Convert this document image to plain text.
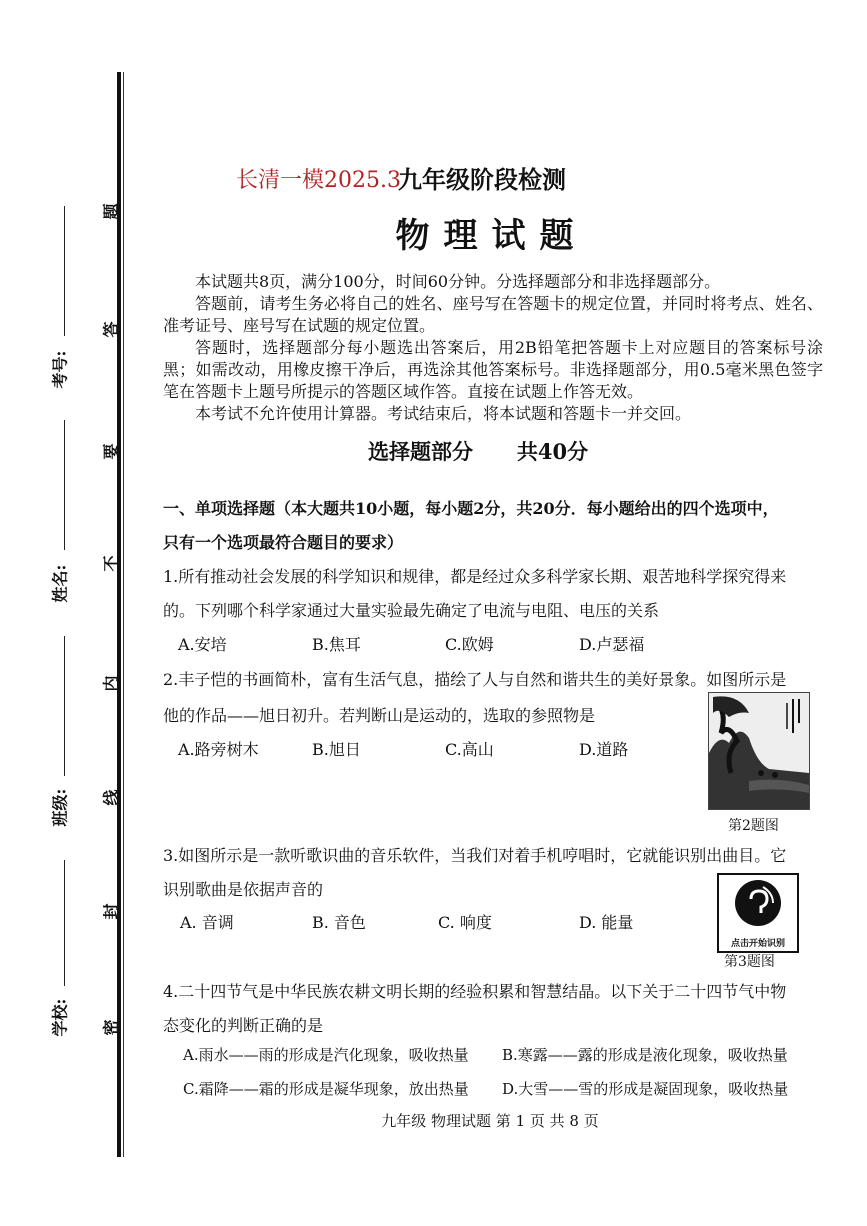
考号:
姓名:
班级:
学校:
题
答
要
不
内
线
封
密
长清一模2025.3
九年级阶段检测
物理试题
本试题共8页，满分100分，时间60分钟。分选择题部分和非选择题部分。
答题前，请考生务必将自己的姓名、座号写在答题卡的规定位置，并同时将考点、姓名、准考证号、座号写在试题的规定位置。
答题时，选择题部分每小题选出答案后，用2B铅笔把答题卡上对应题目的答案标号涂黑；如需改动，用橡皮擦干净后，再选涂其他答案标号。非选择题部分，用0.5毫米黑色签字笔在答题卡上题号所提示的答题区域作答。直接在试题上作答无效。
本考试不允许使用计算器。考试结束后，将本试题和答题卡一并交回。
选择题部分      共40分
一、单项选择题（本大题共10小题，每小题2分，共20分．每小题给出的四个选项中，
只有一个选项最符合题目的要求）
1.所有推动社会发展的科学知识和规律，都是经过众多科学家长期、艰苦地科学探究得来
的。下列哪个科学家通过大量实验最先确定了电流与电阻、电压的关系
A.安培	B.焦耳	C.欧姆	D.卢瑟福
2.丰子恺的书画简朴，富有生活气息，描绘了人与自然和谐共生的美好景象。如图所示是
他的作品——旭日初升。若判断山是运动的，选取的参照物是
A.路旁树木	B.旭日	C.高山	D.道路
第2题图
3.如图所示是一款听歌识曲的音乐软件，当我们对着手机哼唱时，它就能识别出曲目。它
识别歌曲是依据声音的
A. 音调	B. 音色	C. 响度	D. 能量
点击开始识别
第3题图
4.二十四节气是中华民族农耕文明长期的经验积累和智慧结晶。以下关于二十四节气中物
态变化的判断正确的是
A.雨水——雨的形成是汽化现象，吸收热量 B.寒露——露的形成是液化现象，吸收热量
C.霜降——霜的形成是凝华现象，放出热量 D.大雪——雪的形成是凝固现象，吸收热量
九年级 物理试题 第 1 页 共 8 页
